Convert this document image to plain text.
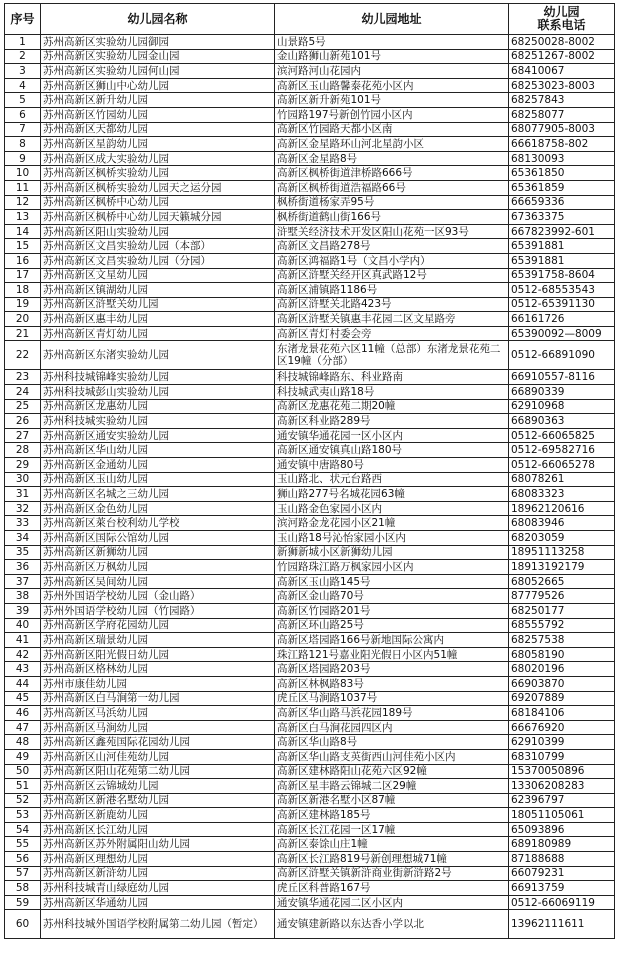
序号	幼儿园名称	幼儿园地址	幼儿园
联系电话

1	苏州高新区实验幼儿园御园	山景路5号	68250028-8002
2	苏州高新区实验幼儿园金山园	金山路狮山新苑101号	68251267-8002
3	苏州高新区实验幼儿园何山园	滨河路河山花园内	68410067
4	苏州高新区狮山中心幼儿园	高新区玉山路馨泰花苑小区内	68253023-8003
5	苏州高新区新升幼儿园	高新区新升新苑101号	68257843
6	苏州高新区竹园幼儿园	竹园路197号新创竹园小区内	68258077
7	苏州高新区天都幼儿园	高新区竹园路天都小区南	68077905-8003
8	苏州高新区星韵幼儿园	高新区金星路环山河北星韵小区	66618758-802
9	苏州高新区成大实验幼儿园	高新区金星路8号	68130093
10	苏州高新区枫桥实验幼儿园	高新区枫桥街道津桥路666号	65361850
11	苏州高新区枫桥实验幼儿园天之运分园	高新区枫桥街道浩福路66号	65361859
12	苏州高新区枫桥中心幼儿园	枫桥街道杨家弄95号	66659336
13	苏州高新区枫桥中心幼儿园天籁城分园	枫桥街道鹤山街166号	67363375
14	苏州高新区阳山实验幼儿园	浒墅关经济技术开发区阳山花苑一区93号	667823992-601
15	苏州高新区文昌实验幼儿园（本部）	高新区文昌路278号	65391881
16	苏州高新区文昌实验幼儿园（分园）	高新区鸿福路1号（文昌小学内）	65391881
17	苏州高新区文星幼儿园	高新区浒墅关经开区真武路12号	65391758-8604
18	苏州高新区镇湖幼儿园	高新区浦镇路1186号	0512-68553543
19	苏州高新区浒墅关幼儿园	高新区浒墅关北路423号	0512-65391130
20	苏州高新区惠丰幼儿园	高新区浒墅关镇惠丰花园二区文星路旁	66161726
21	苏州高新区青灯幼儿园	高新区青灯村委会旁	65390092—8009
22	苏州高新区东渚实验幼儿园	东渚龙景花苑六区11幢（总部）东渚龙景花苑二区19幢（分部）	0512-66891090
23	苏州科技城锦峰实验幼儿园	科技城锦峰路东、科业路南	66910557-8116
24	苏州科技城彭山实验幼儿园	科技城武夷山路18号	66890339
25	苏州高新区龙惠幼儿园	高新区龙惠花苑二期20幢	62910968
26	苏州科技城实验幼儿园	高新区科业路289号	66890363
27	苏州高新区通安实验幼儿园	通安镇华通花园一区小区内	0512-66065825
28	苏州高新区华山幼儿园	高新区通安镇真山路180号	0512-69582716
29	苏州高新区金通幼儿园	通安镇中唐路80号	0512-66065278
30	苏州高新区玉山幼儿园	玉山路北、状元台路西	68078261
31	苏州高新区名城之三幼儿园	狮山路277号名城花园63幢	68083323
32	苏州高新区金色幼儿园	玉山路金色家园小区内	18962120616
33	苏州高新区萊台校利幼儿学校	滨河路金龙花园小区21幢	68083946
34	苏州高新区国际公馆幼儿园	玉山路18号沁怡家园小区内	68203059
35	苏州高新区新狮幼儿园	新狮新城小区新狮幼儿园	18951113258
36	苏州高新区万枫幼儿园	竹园路珠江路万枫家园小区内	18913192179
37	苏州高新区吴间幼儿园	高新区玉山路145号	68052665
38	苏州外国语学校幼儿园（金山路）	高新区金山路70号	87779526
39	苏州外国语学校幼儿园（竹园路）	高新区竹园路201号	68250177
40	苏州高新区学府花园幼儿园	高新区环山路25号	68555792
41	苏州高新区瑞景幼儿园	高新区塔园路166号新地国际公寓内	68257538
42	苏州高新区阳光假日幼儿园	珠江路121号嘉业阳光假日小区内51幢	68058190
43	苏州高新区格林幼儿园	高新区塔园路203号	68020196
44	苏州市康佳幼儿园	高新区林枫路83号	66903870
45	苏州高新区白马涧第一幼儿园	虎丘区马涧路1037号	69207889
46	苏州高新区马浜幼儿园	高新区华山路马浜花园189号	68184106
47	苏州高新区马涧幼儿园	高新区白马涧花园四区内	66676920
48	苏州高新区鑫苑国际花园幼儿园	高新区华山路8号	62910399
49	苏州高新区山河佳苑幼儿园	高新区华山路支英街西山河佳苑小区内	68310799
50	苏州高新区阳山花苑第二幼儿园	高新区建林路阳山花苑六区92幢	15370050896
51	苏州高新区云锦城幼儿园	高新区星丰路云锦城二区29幢	13306208283
52	苏州高新区新港名墅幼儿园	高新区新港名墅小区87幢	62396797
53	苏州高新区新鹿幼儿园	高新区建林路185号	18051105061
54	苏州高新区长江幼儿园	高新区长江花园一区17幢	65093896
55	苏州高新区苏外附属阳山幼儿园	高新区泰馀山庄1幢	689180989
56	苏州高新区理想幼儿园	高新区长江路819号新创理想城71幢	87188688
57	苏州高新区新浒幼儿园	高新区浒墅关镇新浒商业街新浒路2号	66079231
58	苏州科技城青山绿庭幼儿园	虎丘区科普路167号	66913759
59	苏州高新区华通幼儿园	通安镇华通花园二区小区内	0512-66069119
60	苏州科技城外国语学校附属第二幼儿园（暂定）	通安镇建新路以东达香小学以北	13962111611
